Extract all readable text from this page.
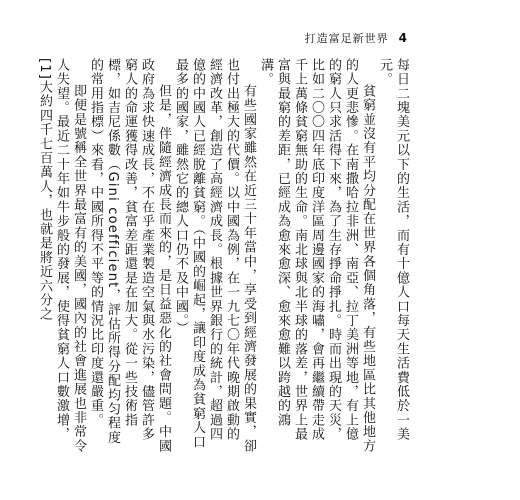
打造富足新世界 4

每日二塊美元以下的生活，而有十億人口每天生活費低於一美元。

貧窮並沒有平均分配在世界各個角落，有些地區比其他地方的人更悲慘。在南撒哈拉非洲、南亞、拉丁美洲等地，有上億的窮人只求活得下來，為了生存掙命掙扎。時而出現的天災，比如二〇〇四年底印度洋區周邊國家的海嘯，會再繼續帶走成千上萬條貧窮無助的生命。南北球與北半球的落差，世界上最富與最窮的差距，已經成為愈來愈深、愈來愈難以跨越的鴻溝。

有些國家雖然在近三十年當中，享受到經濟發展的果實，卻也付出極大的代價。以中國為例，在一九七〇年代晚期啟動的經濟改革，創造了高經濟成長。根據世界銀行的統計，超過四億的中國人已經脫離貧窮。（中國的崛起，讓印度成為貧窮人口最多的國家，雖然它的總人口仍不及中國。）

但是，伴隨經濟成長而來的，是日益惡化的社會問題。中國政府為求快速成長，不在乎產業製造空氣與水污染，儘管許多窮人的命運獲得改善，貧富差距還是在加大。從一些技術指標，如吉尼係數（Gini coefficient，評估所得分配均匀程度的常用指標）來看，中國所得不平等的情況比印度還嚴重。

即便是號稱全世界最富有的美國，國內的社會進展也非常令人失望。最近二十年如牛步般的發展，使得貧窮人口數激增，[1]大約四千七百萬人，也就是將近六分之
